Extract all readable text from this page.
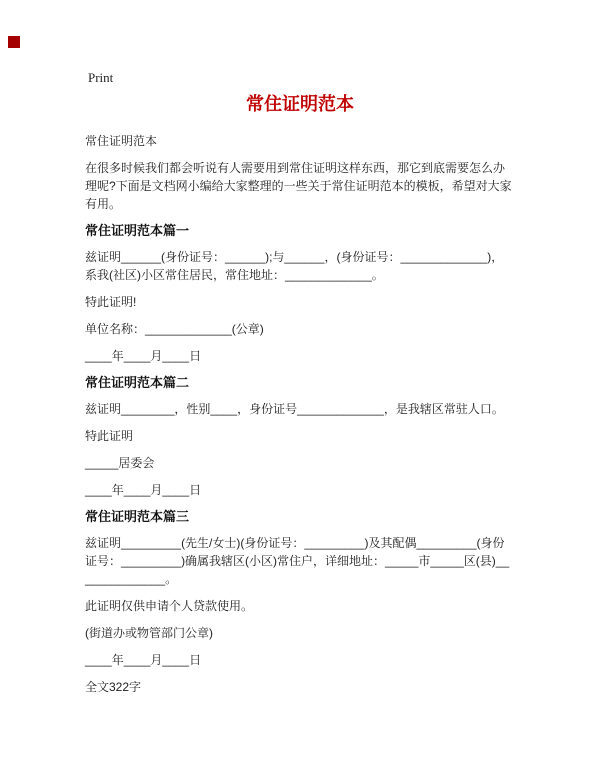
Print
常住证明范本

常住证明范本

在很多时候我们都会听说有人需要用到常住证明这样东西，那它到底需要怎么办理呢?下面是文档网小编给大家整理的一些关于常住证明范本的模板，希望对大家有用。

常住证明范本篇一

兹证明______(身份证号：______);与______，(身份证号：_____________)，系我(社区)小区常住居民，常住地址：_____________。

特此证明!

单位名称：_____________(公章)

____年____月____日

常住证明范本篇二

兹证明________，性别____，身份证号_____________，是我辖区常驻人口。

特此证明

_____居委会

____年____月____日

常住证明范本篇三

兹证明_________(先生/女士)(身份证号：_________)及其配偶_________(身份证号：_________)确属我辖区(小区)常住户，详细地址：_____市_____区(县)______________。

此证明仅供申请个人贷款使用。

(街道办或物管部门公章)

____年____月____日

全文322字
